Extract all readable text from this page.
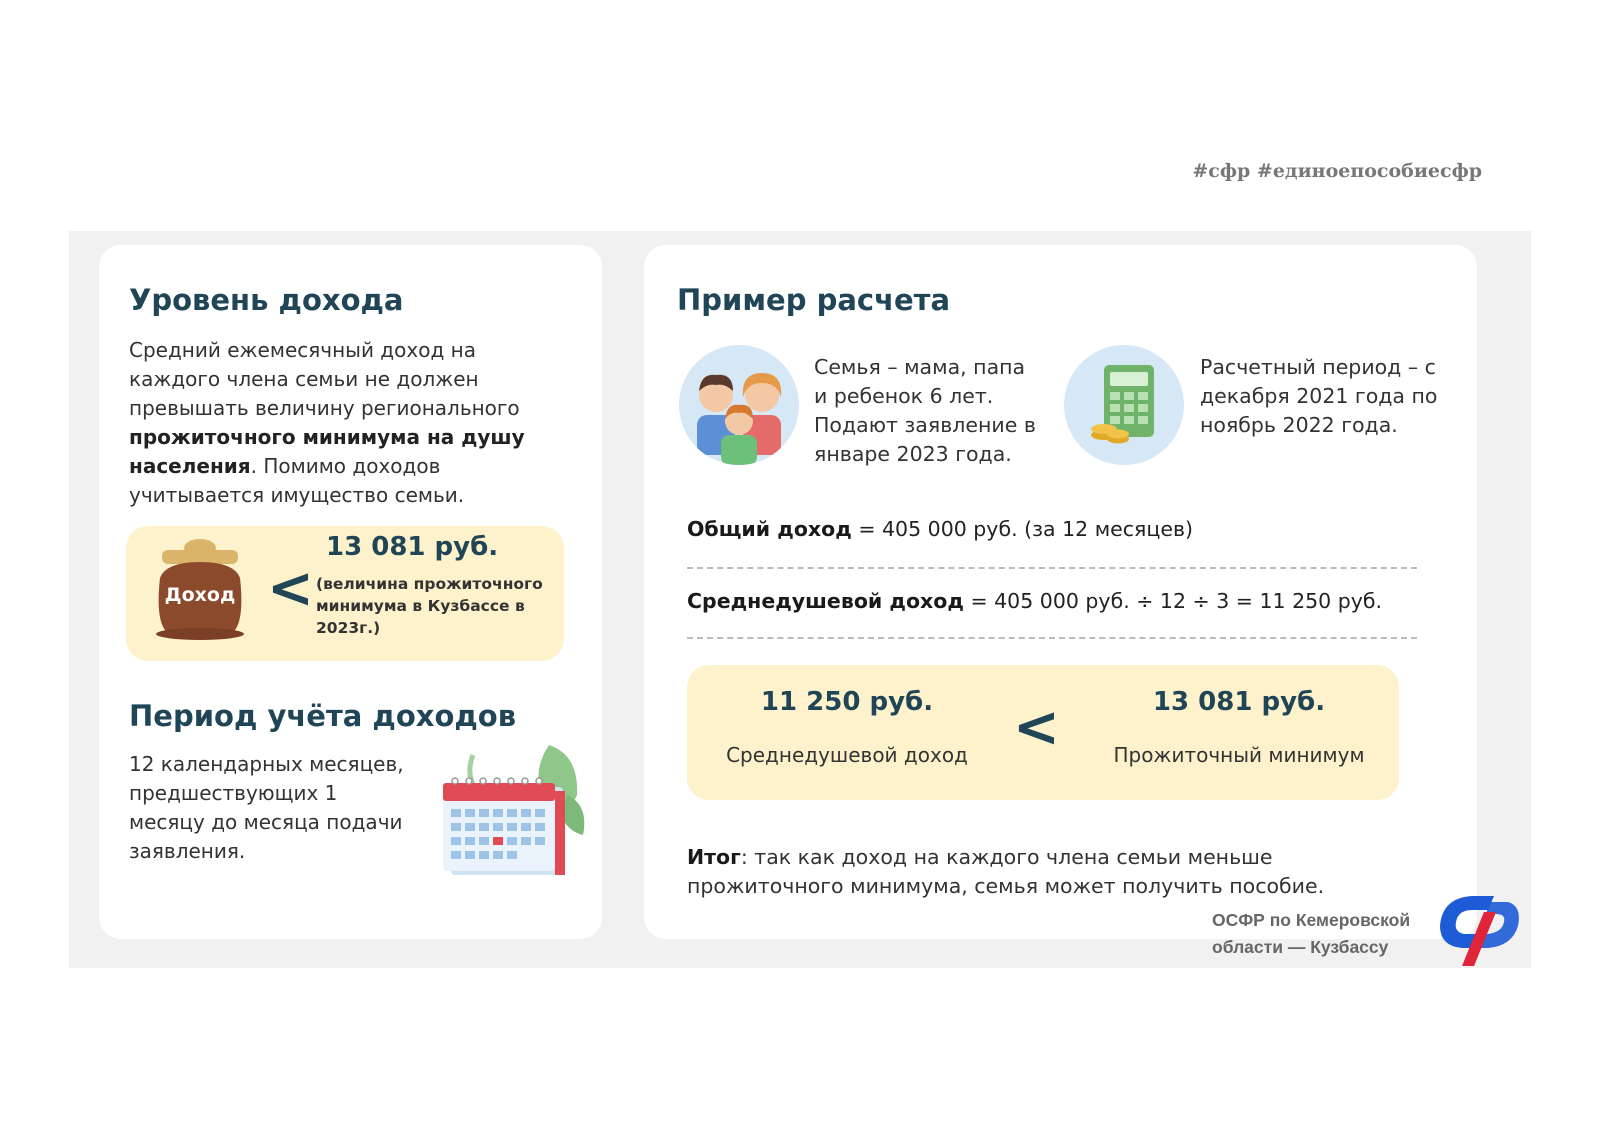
#сфр #единоепособиесфр
Уровень дохода

Средний ежемесячный доход на каждого члена семьи не должен превышать величину регионального прожиточного минимума на душу населения. Помимо доходов учитывается имущество семьи.

Доход <
13 081 руб.
(величина прожиточного минимума в Кузбассе в 2023г.)
Период учёта доходов

12 календарных месяцев, предшествующих 1 месяцу до месяца подачи заявления.

Пример расчета

Семья – мама, папа и ребенок 6 лет. Подают заявление в январе 2023 года.

Расчетный период – с декабря 2021 года по ноябрь 2022 года.

Общий доход = 405 000 руб. (за 12 месяцев)
Среднедушевой доход = 405 000 руб. ÷ 12 ÷ 3 = 11 250 руб.
11 250 руб.
Среднедушевой доход <	13 081 руб.
Прожиточный минимум

Итог: так как доход на каждого члена семьи меньше прожиточного минимума, семья может получить пособие.

ОСФР по Кемеровской
области — Кузбассу
